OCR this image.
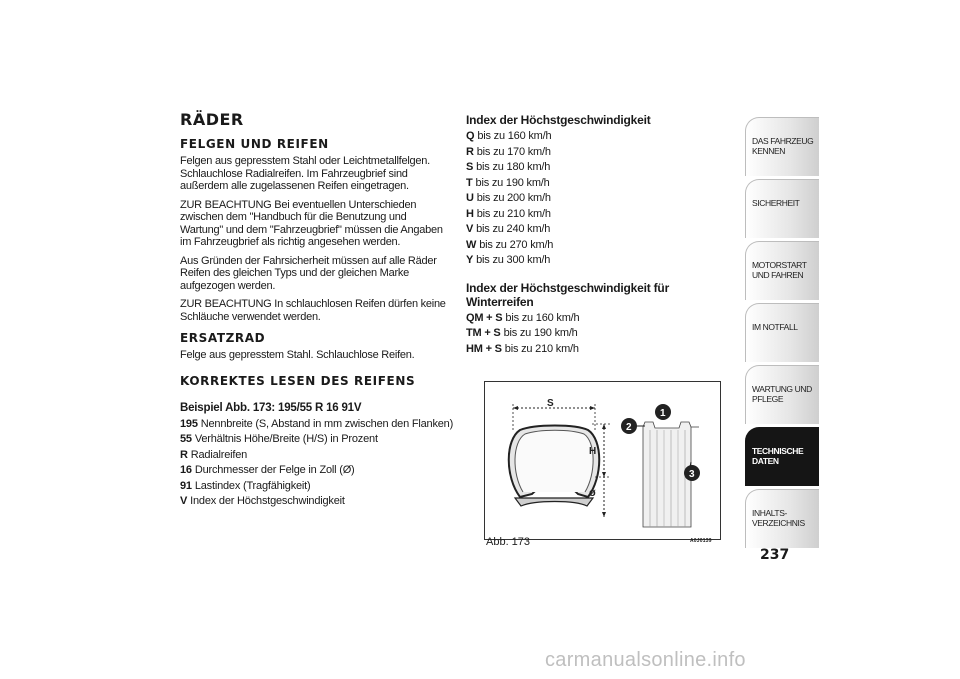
RÄDER
FELGEN UND REIFEN

Felgen aus gepresstem Stahl oder Leichtmetallfelgen. Schlauchlose Radialreifen. Im Fahrzeugbrief sind außerdem alle zugelassenen Reifen eingetragen.

ZUR BEACHTUNG Bei eventuellen Unterschieden zwischen dem "Handbuch für die Benutzung und Wartung" und dem "Fahrzeugbrief" müssen die Angaben im Fahrzeugbrief als richtig angesehen werden.

Aus Gründen der Fahrsicherheit müssen auf alle Räder Reifen des gleichen Typs und der gleichen Marke aufgezogen werden.

ZUR BEACHTUNG In schlauchlosen Reifen dürfen keine Schläuche verwendet werden.

ERSATZRAD

Felge aus gepresstem Stahl. Schlauchlose Reifen.

KORREKTES LESEN DES REIFENS
Beispiel Abb. 173: 195/55 R 16 91V
195 Nennbreite (S, Abstand in mm zwischen den Flanken)
55 Verhältnis Höhe/Breite (H/S) in Prozent
R Radialreifen
16 Durchmesser der Felge in Zoll (Ø)
91 Lastindex (Tragfähigkeit)
V Index der Höchstgeschwindigkeit
Index der Höchstgeschwindigkeit
Q bis zu 160 km/h
R bis zu 170 km/h
S bis zu 180 km/h
T bis zu 190 km/h
U bis zu 200 km/h
H bis zu 210 km/h
V bis zu 240 km/h
W bis zu 270 km/h
Y bis zu 300 km/h
Index der Höchstgeschwindigkeit für Winterreifen
QM + S bis zu 160 km/h
TM + S bis zu 190 km/h
HM + S bis zu 210 km/h
S
H
ø
1
2
3
Abb. 173	A0J0139
DAS FAHRZEUG KENNEN
SICHERHEIT
MOTORSTART UND FAHREN
IM NOTFALL
WARTUNG UND PFLEGE
TECHNISCHE DATEN
INHALTS-VERZEICHNIS
237
carmanualsonline.info
